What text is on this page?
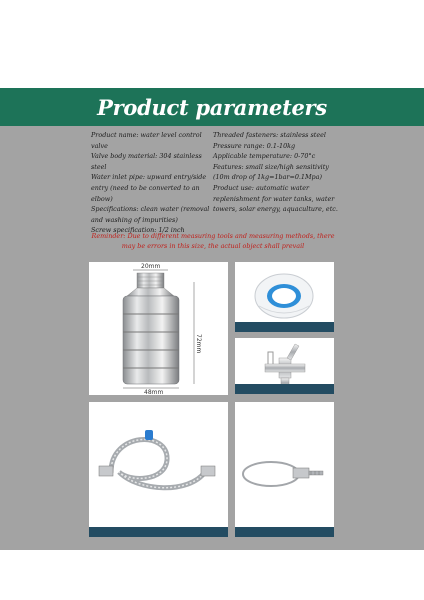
Product parameters
Product name: water level control valve
Valve body material: 304 stainless steel
Water inlet pipe: upward entry/side entry (need to be converted to an elbow)
Specifications: clean water (removal and washing of impurities)
Screw specification: 1/2 inch
Threaded fasteners: stainless steel
Pressure range: 0.1-10kg
Applicable temperature: 0-70°c
Features: small size/high sensitivity (10m drop of 1kg=1bar=0.1Mpa)
Product use: automatic water replenishment for water tanks, water towers, solar energy, aquaculture, etc.
Reminder: Due to different measuring tools and measuring methods, there may be errors in this size, the actual object shall prevail
20mm
72mm
48mm
